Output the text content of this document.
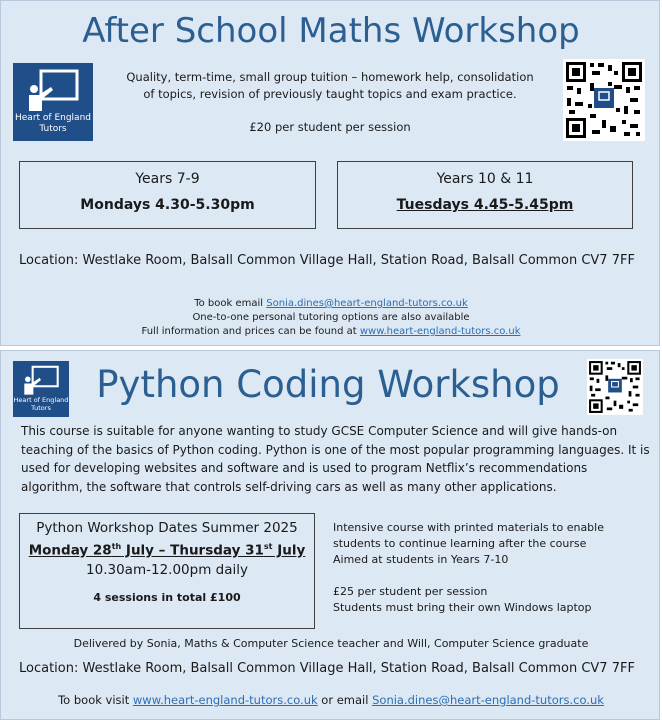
After School Maths Workshop
Heart of England
Tutors
Quality, term-time, small group tuition – homework help, consolidation of topics, revision of previously taught topics and exam practice.
£20 per student per session
Years 7-9
Mondays 4.30-5.30pm
Years 10 & 11
Tuesdays 4.45-5.45pm
Location: Westlake Room, Balsall Common Village Hall, Station Road, Balsall Common CV7 7FF
To book email Sonia.dines@heart-england-tutors.co.uk
One-to-one personal tutoring options are also available
Full information and prices can be found at www.heart-england-tutors.co.uk
Heart of England
Tutors
Python Coding Workshop
This course is suitable for anyone wanting to study GCSE Computer Science and will give hands-on teaching of the basics of Python coding. Python is one of the most popular programming languages. It is used for developing websites and software and is used to program Netflix’s recommendations algorithm, the software that controls self-driving cars as well as many other applications.
Python Workshop Dates Summer 2025
Monday 28th July – Thursday 31st July
10.30am-12.00pm daily
4 sessions in total £100
Intensive course with printed materials to enable students to continue learning after the course
Aimed at students in Years 7-10
£25 per student per session
Students must bring their own Windows laptop
Delivered by Sonia, Maths & Computer Science teacher and Will, Computer Science graduate
Location: Westlake Room, Balsall Common Village Hall, Station Road, Balsall Common CV7 7FF
To book visit www.heart-england-tutors.co.uk or email Sonia.dines@heart-england-tutors.co.uk
